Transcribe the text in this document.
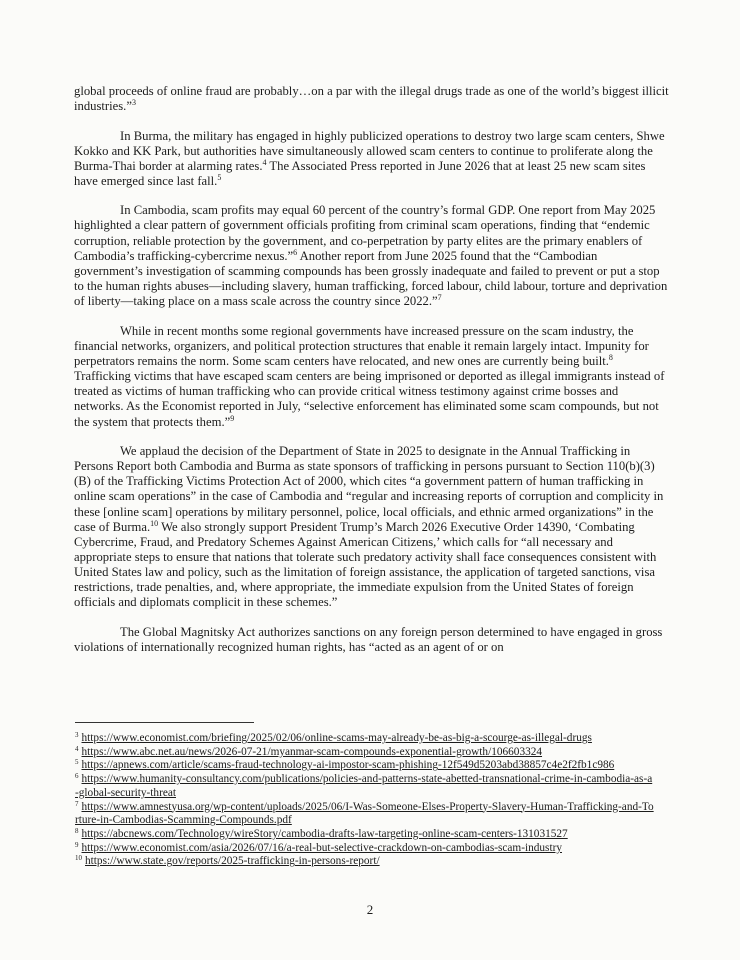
global proceeds of online fraud are probably…on a par with the illegal drugs trade as one of the world’s biggest illicit industries.”$^3$

In Burma, the military has engaged in highly publicized operations to destroy two large scam centers, Shwe Kokko and KK Park, but authorities have simultaneously allowed scam centers to continue to proliferate along the Burma-Thai border at alarming rates.$^4$ The Associated Press reported in June 2026 that at least 25 new scam sites have emerged since last fall.$^5$

In Cambodia, scam profits may equal 60 percent of the country’s formal GDP. One report from May 2025 highlighted a clear pattern of government officials profiting from criminal scam operations, finding that “endemic corruption, reliable protection by the government, and co-perpetration by party elites are the primary enablers of Cambodia’s trafficking-cybercrime nexus.”$^6$ Another report from June 2025 found that the “Cambodian government’s investigation of scamming compounds has been grossly inadequate and failed to prevent or put a stop to the human rights abuses—including slavery, human trafficking, forced labour, child labour, torture and deprivation of liberty—taking place on a mass scale across the country since 2022.”$^7$

While in recent months some regional governments have increased pressure on the scam industry, the financial networks, organizers, and political protection structures that enable it remain largely intact. Impunity for perpetrators remains the norm. Some scam centers have relocated, and new ones are currently being built.$^8$ Trafficking victims that have escaped scam centers are being imprisoned or deported as illegal immigrants instead of treated as victims of human trafficking who can provide critical witness testimony against crime bosses and networks. As the Economist reported in July, “selective enforcement has eliminated some scam compounds, but not the system that protects them.”$^9$

We applaud the decision of the Department of State in 2025 to designate in the Annual Trafficking in Persons Report both Cambodia and Burma as state sponsors of trafficking in persons pursuant to Section 110(b)(3)(B) of the Trafficking Victims Protection Act of 2000, which cites “a government pattern of human trafficking in online scam operations” in the case of Cambodia and “regular and increasing reports of corruption and complicity in these [online scam] operations by military personnel, police, local officials, and ethnic armed organizations” in the case of Burma.$^{10}$ We also strongly support President Trump’s March 2026 Executive Order 14390, ‘Combating Cybercrime, Fraud, and Predatory Schemes Against American Citizens,’ which calls for “all necessary and appropriate steps to ensure that nations that tolerate such predatory activity shall face consequences consistent with United States law and policy, such as the limitation of foreign assistance, the application of targeted sanctions, visa restrictions, trade penalties, and, where appropriate, the immediate expulsion from the United States of foreign officials and diplomats complicit in these schemes.”

The Global Magnitsky Act authorizes sanctions on any foreign person determined to have engaged in gross violations of internationally recognized human rights, has “acted as an agent of or on

$^3$ https://www.economist.com/briefing/2025/02/06/online-scams-may-already-be-as-big-a-scourge-as-illegal-drugs

$^4$ https://www.abc.net.au/news/2026-07-21/myanmar-scam-compounds-exponential-growth/106603324

$^5$ https://apnews.com/article/scams-fraud-technology-ai-impostor-scam-phishing-12f549d5203abd38857c4e2f2fb1c986

$^6$ https://www.humanity-consultancy.com/publications/policies-and-patterns-state-abetted-transnational-crime-in-cambodia-as-a-global-security-threat

$^7$ https://www.amnestyusa.org/wp-content/uploads/2025/06/I-Was-Someone-Elses-Property-Slavery-Human-Trafficking-and-Torture-in-Cambodias-Scamming-Compounds.pdf

$^8$ https://abcnews.com/Technology/wireStory/cambodia-drafts-law-targeting-online-scam-centers-131031527

$^9$ https://www.economist.com/asia/2026/07/16/a-real-but-selective-crackdown-on-cambodias-scam-industry

$^{10}$ https://www.state.gov/reports/2025-trafficking-in-persons-report/

2
